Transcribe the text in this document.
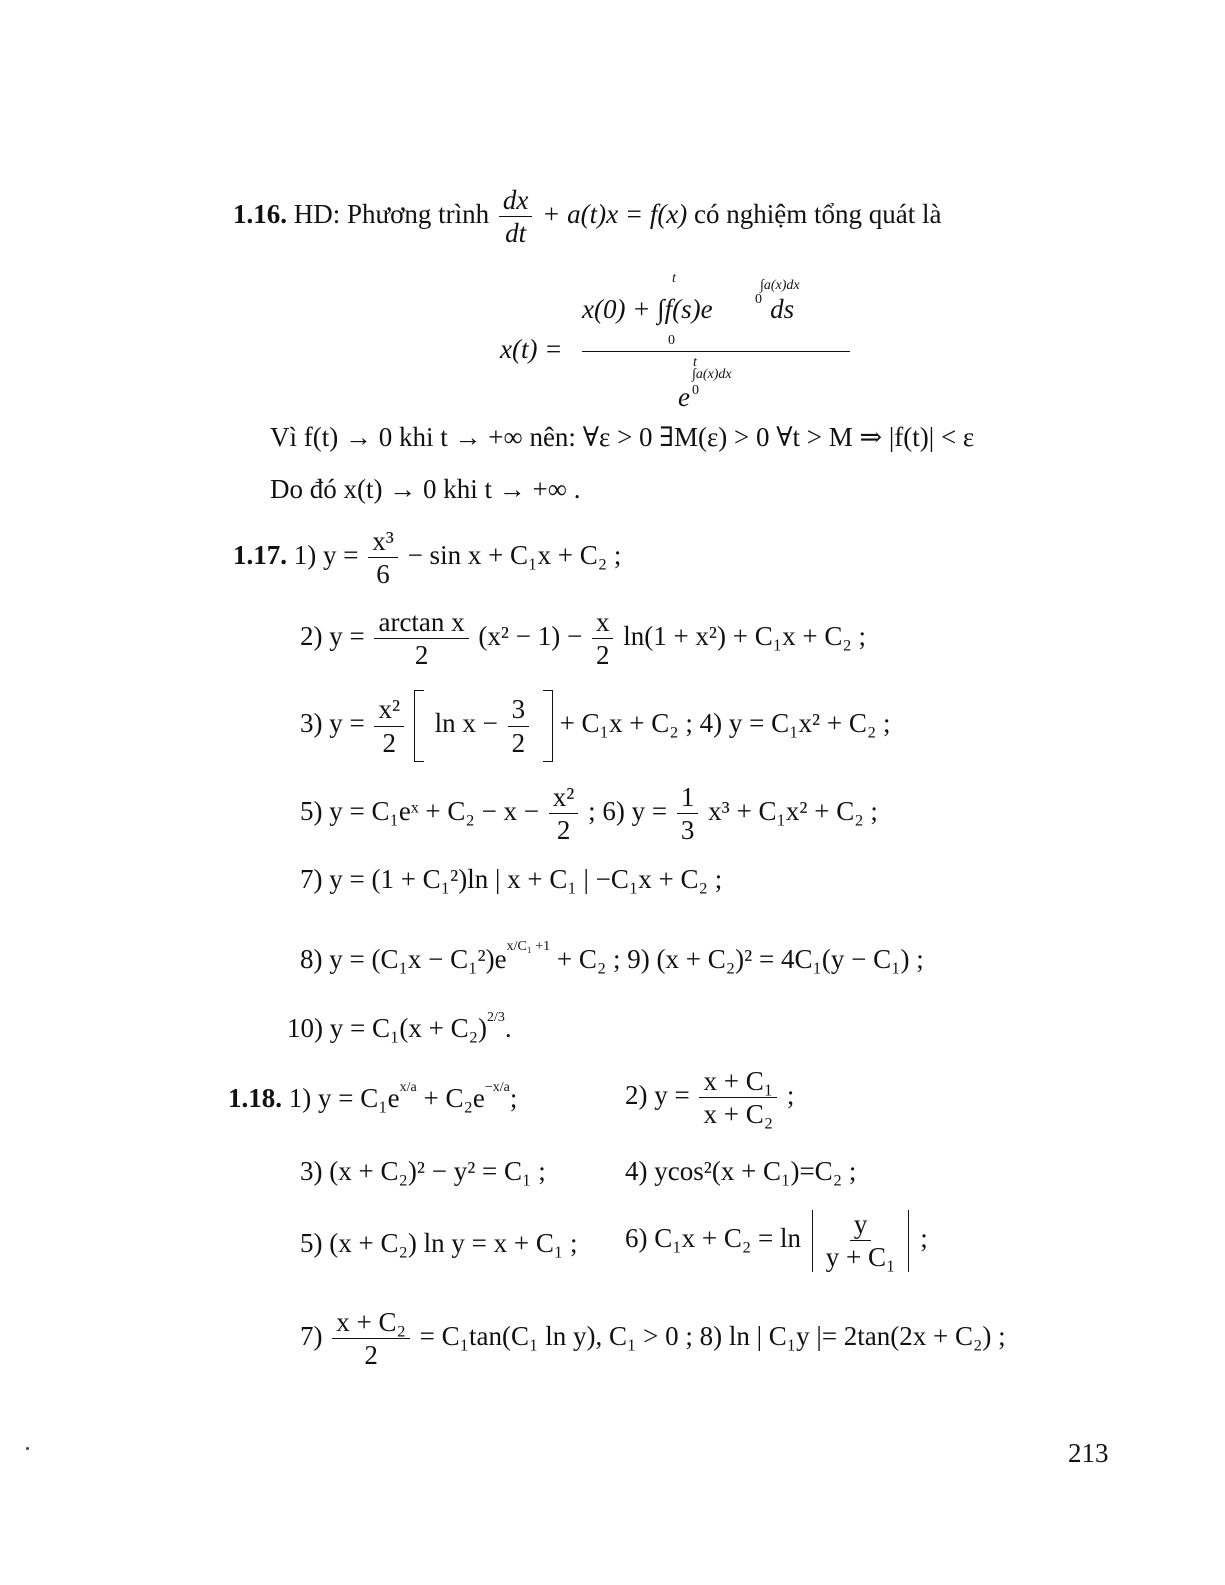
1.16. HD: Phương trình $\frac{dx}{dt} + a(t)x = f(x)$ có nghiệm tổng quát là
x(t) =
t	∫a(x)dx
0
x(0) + ∫f(s)e ds
0
t
∫a(x)dx
0
e
Vì f(t) → 0 khi t → +∞ nên: ∀ε > 0 ∃M(ε) > 0 ∀t > M ⇒ |f(t)| < ε
Do đó x(t) → 0 khi t → +∞ .
1.17. 1) $y = \frac{\text{x³}}{6} - \sin x + C_1x + C_2$ ;
2) $y = \frac{\text{arctan x}}{2} (x^2 - 1) - \frac{x}{2} \ln(1 + x^2) + C_1x + C_2$ ;
3) $y = \frac{\text{x²}}{2}$ $\ln x - \frac{3}{2} + C_1x + C_2$ ; 4) y = C₁x² + C₂ ;
5) y = C₁eˣ + $C_2 - x - \frac{\text{x²}}{2}$ ; 6) $y = \frac{1}{3} x^3 + C_1x^2 + C_2$ ;
7) y = (1 + C₁²)ln | x + C₁ | −C₁x + C₂ ;
8) $y = (C_1x - C_1^2)e^{x/C_1 +1} + C_2$ ; 9) (x + C₂)² = 4C₁(y − C₁) ;
10) $y = C_1(x + C_2)^{2/3}$.
1.18. 1) $y = C_1e^{x/a} + C_2e^{-x/a}$;	2) $y = \frac{\text{x + C₁}}{\text{x + C₂}}$ ;
3) (x + C₂)² − y² = C₁ ;	4) ycos²(x + C₁)=C₂ ;
5) (x + C₂) ln y = x + C₁ ; 6) $C_1x + C_2 = \ln \frac{y}{\text{y + C₁}}$ ;
$7) \frac{\text{x + C₂}}{2} = C_1\tan(C_1$ ln y), C₁ > 0 ; 8) ln | C₁y |= 2tan(2x + C₂) ;
213
